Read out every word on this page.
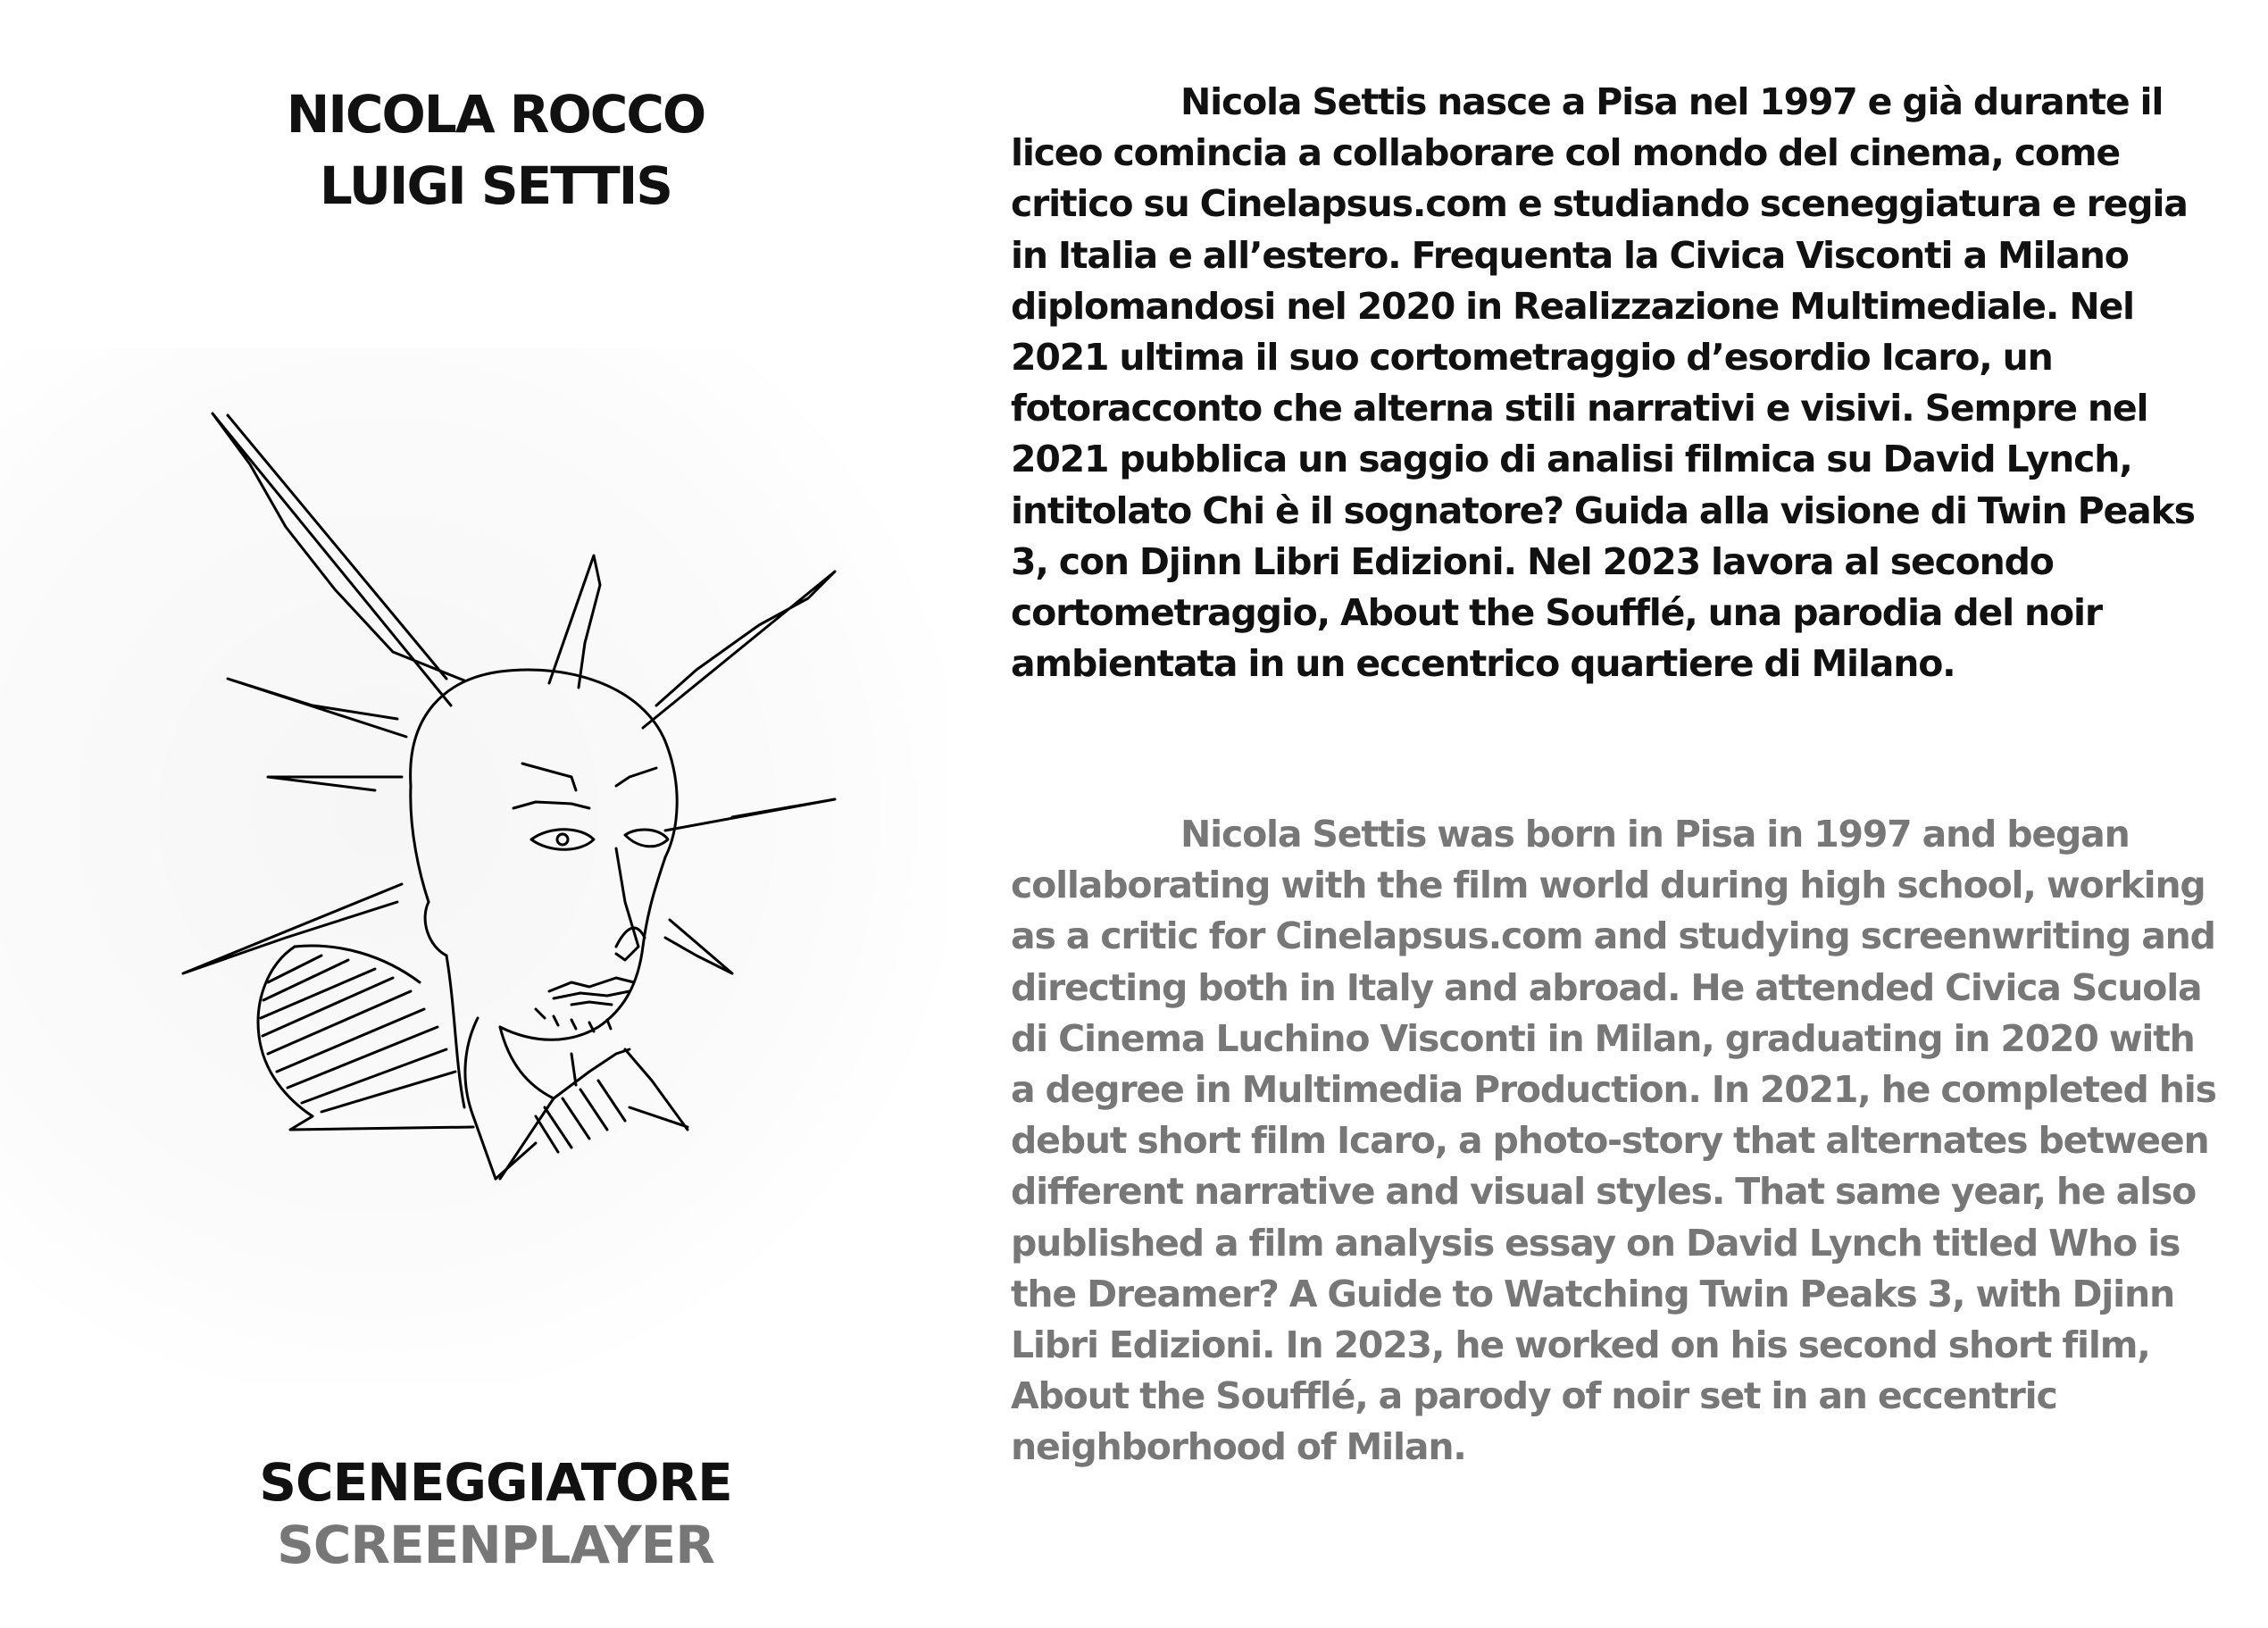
NICOLA ROCCO
LUIGI SETTIS
SCENEGGIATORE
SCREENPLAYER

Nicola Settis nasce a Pisa nel 1997 e già durante il liceo comincia a collaborare col mondo del cinema, come critico su Cinelapsus.com e studiando sceneggiatura e regia in Italia e all’estero. Frequenta la Civica Visconti a Milano diplomandosi nel 2020 in Realizzazione Multimediale. Nel 2021 ultima il suo cortometraggio d’esordio Icaro, un fotoracconto che alterna stili narrativi e visivi. Sempre nel 2021 pubblica un saggio di analisi filmica su David Lynch, intitolato Chi è il sognatore? Guida alla visione di Twin Peaks 3, con Djinn Libri Edizioni. Nel 2023 lavora al secondo cortometraggio, About the Soufflé, una parodia del noir ambientata in un eccentrico quartiere di Milano.

Nicola Settis was born in Pisa in 1997 and began collaborating with the film world during high school, working as a critic for Cinelapsus.com and studying screenwriting and directing both in Italy and abroad. He attended Civica Scuola di Cinema Luchino Visconti in Milan, graduating in 2020 with a degree in Multimedia Production. In 2021, he completed his debut short film Icaro, a photo-story that alternates between different narrative and visual styles. That same year, he also published a film analysis essay on David Lynch titled Who is the Dreamer? A Guide to Watching Twin Peaks 3, with Djinn Libri Edizioni. In 2023, he worked on his second short film, About the Soufflé, a parody of noir set in an eccentric neighborhood of Milan.
